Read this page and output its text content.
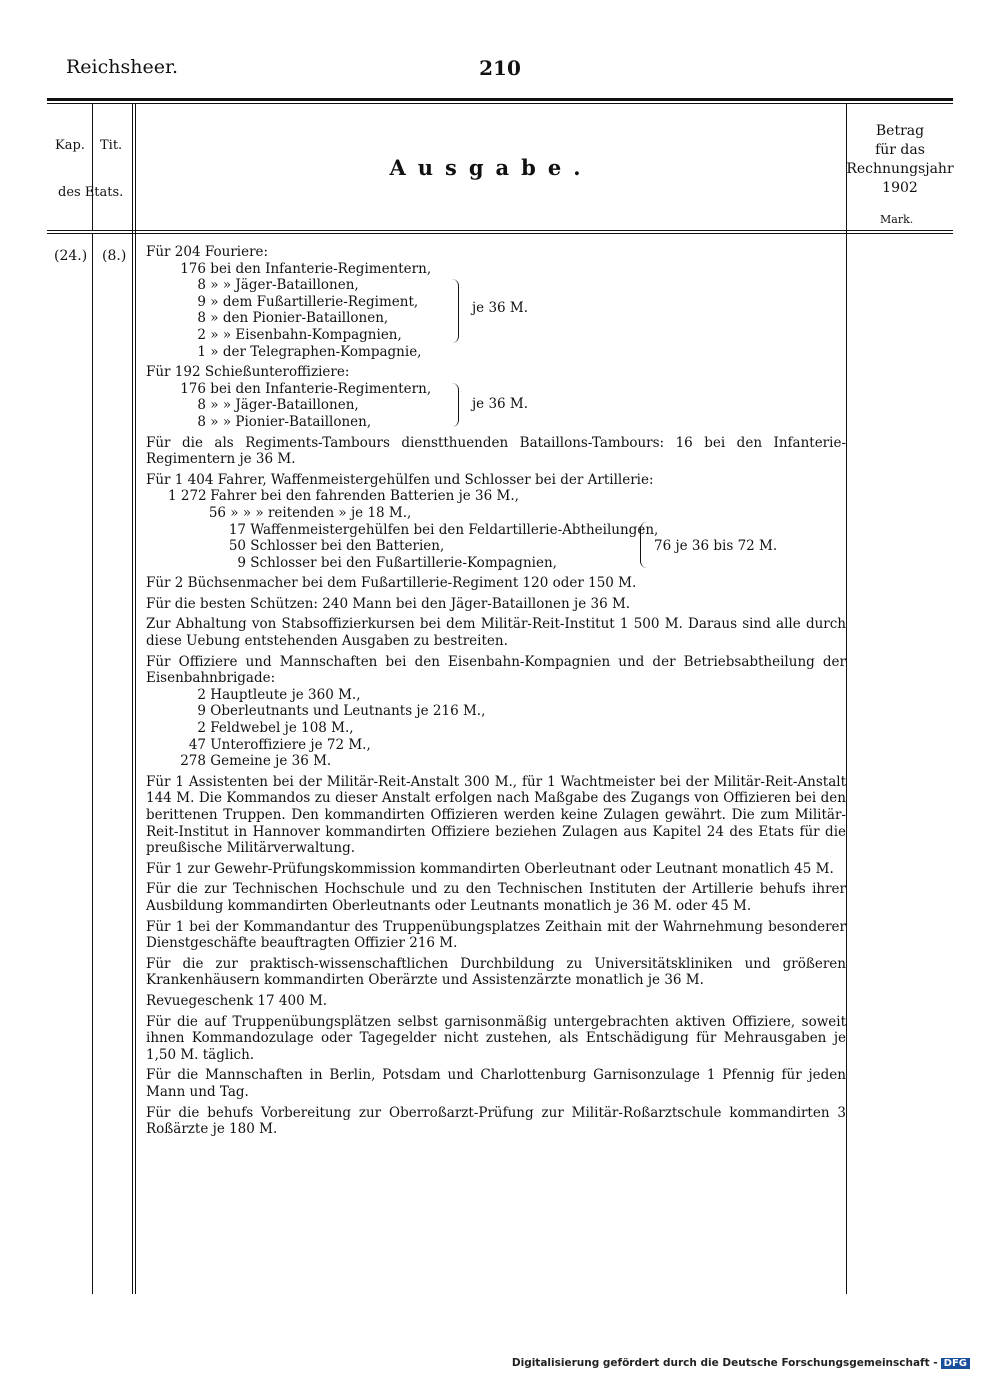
Reichsheer.	210
Kap. Tit.
des Etats.
Ausgabe.
Betrag
für das
Rechnungsjahr
1902
Mark.
(24.) (8.) Für 204 Fouriere:

176
bei den Infanterie-Regimentern,
8
» » Jäger-Bataillonen,
9
» dem Fußartillerie-Regiment,
8
» den Pionier-Bataillonen,
2
» » Eisenbahn-Kompagnien,
1
» der Telegraphen-Kompagnie,
je 36 M.

Für 192 Schießunteroffiziere:

176
bei den Infanterie-Regimentern,
8
» » Jäger-Bataillonen,
8
» » Pionier-Bataillonen,
je 36 M.

Für die als Regiments-Tambours dienstthuenden Bataillons-Tambours: 16 bei den Infanterie-Regimentern je 36 M.

Für 1 404 Fahrer, Waffenmeistergehülfen und Schlosser bei der Artillerie:

1 272
Fahrer bei den fahrenden Batterien je 36 M.,
56
» » » reitenden » je 18 M.,
17
Waffenmeistergehülfen bei den Feldartillerie-Abtheilungen,
50
Schlosser bei den Batterien,
9
Schlosser bei den Fußartillerie-Kompagnien,
76 je 36 bis 72 M.

Für 2 Büchsenmacher bei dem Fußartillerie-Regiment 120 oder 150 M.

Für die besten Schützen: 240 Mann bei den Jäger-Bataillonen je 36 M.

Zur Abhaltung von Stabsoffizierkursen bei dem Militär-Reit-Institut 1 500 M. Daraus sind alle durch diese Uebung entstehenden Ausgaben zu bestreiten.

Für Offiziere und Mannschaften bei den Eisenbahn-Kompagnien und der Betriebsabtheilung der Eisenbahnbrigade:

2
Hauptleute je 360 M.,
9
Oberleutnants und Leutnants je 216 M.,
2
Feldwebel je 108 M.,
47
Unteroffiziere je 72 M.,
278
Gemeine je 36 M.

Für 1 Assistenten bei der Militär-Reit-Anstalt 300 M., für 1 Wachtmeister bei der Militär-Reit-Anstalt 144 M. Die Kommandos zu dieser Anstalt erfolgen nach Maßgabe des Zugangs von Offizieren bei den berittenen Truppen. Den kommandirten Offizieren werden keine Zulagen gewährt. Die zum Militär-Reit-Institut in Hannover kommandirten Offiziere beziehen Zulagen aus Kapitel 24 des Etats für die preußische Militärverwaltung.

Für 1 zur Gewehr-Prüfungskommission kommandirten Oberleutnant oder Leutnant monatlich 45 M.

Für die zur Technischen Hochschule und zu den Technischen Instituten der Artillerie behufs ihrer Ausbildung kommandirten Oberleutnants oder Leutnants monatlich je 36 M. oder 45 M.

Für 1 bei der Kommandantur des Truppenübungsplatzes Zeithain mit der Wahrnehmung besonderer Dienstgeschäfte beauftragten Offizier 216 M.

Für die zur praktisch-wissenschaftlichen Durchbildung zu Universitätskliniken und größeren Krankenhäusern kommandirten Oberärzte und Assistenzärzte monatlich je 36 M.

Revuegeschenk 17 400 M.

Für die auf Truppenübungsplätzen selbst garnisonmäßig untergebrachten aktiven Offiziere, soweit ihnen Kommandozulage oder Tagegelder nicht zustehen, als Entschädigung für Mehrausgaben je 1,50 M. täglich.

Für die Mannschaften in Berlin, Potsdam und Charlottenburg Garnisonzulage 1 Pfennig für jeden Mann und Tag.

Für die behufs Vorbereitung zur Oberroßarzt-Prüfung zur Militär-Roßarztschule kommandirten 3 Roßärzte je 180 M.

Digitalisierung gefördert durch die Deutsche Forschungsgemeinschaft - DFG
